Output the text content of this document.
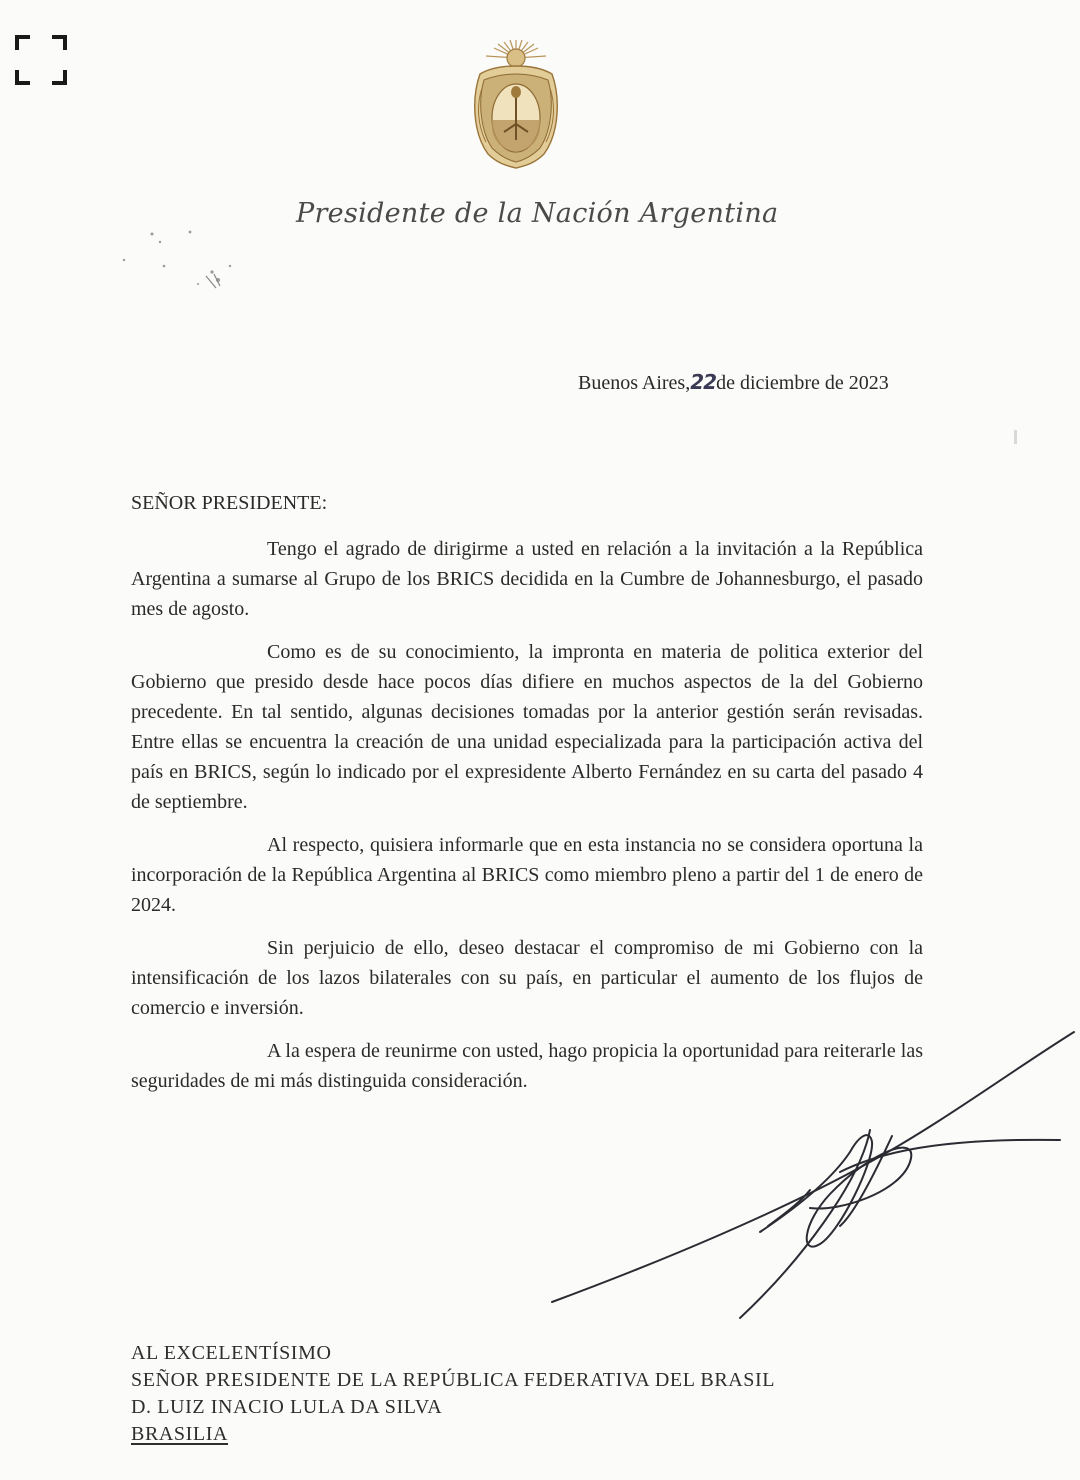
Presidente de la Nación Argentina
Buenos Aires,22de diciembre de 2023
SEÑOR PRESIDENTE:

Tengo el agrado de dirigirme a usted en relación a la invitación a la República Argentina a sumarse al Grupo de los BRICS decidida en la Cumbre de Johannesburgo, el pasado mes de agosto.

Como es de su conocimiento, la impronta en materia de politica exterior del Gobierno que presido desde hace pocos días difiere en muchos aspectos de la del Gobierno precedente. En tal sentido, algunas decisiones tomadas por la anterior gestión serán revisadas. Entre ellas se encuentra la creación de una unidad especializada para la participación activa del país en BRICS, según lo indicado por el expresidente Alberto Fernández en su carta del pasado 4 de septiembre.

Al respecto, quisiera informarle que en esta instancia no se considera oportuna la incorporación de la República Argentina al BRICS como miembro pleno a partir del 1 de enero de 2024.

Sin perjuicio de ello, deseo destacar el compromiso de mi Gobierno con la intensificación de los lazos bilaterales con su país, en particular el aumento de los flujos de comercio e inversión.

A la espera de reunirme con usted, hago propicia la oportunidad para reiterarle las seguridades de mi más distinguida consideración.

AL EXCELENTÍSIMO
SEÑOR PRESIDENTE DE LA REPÚBLICA FEDERATIVA DEL BRASIL
D. LUIZ INACIO LULA DA SILVA
BRASILIA
